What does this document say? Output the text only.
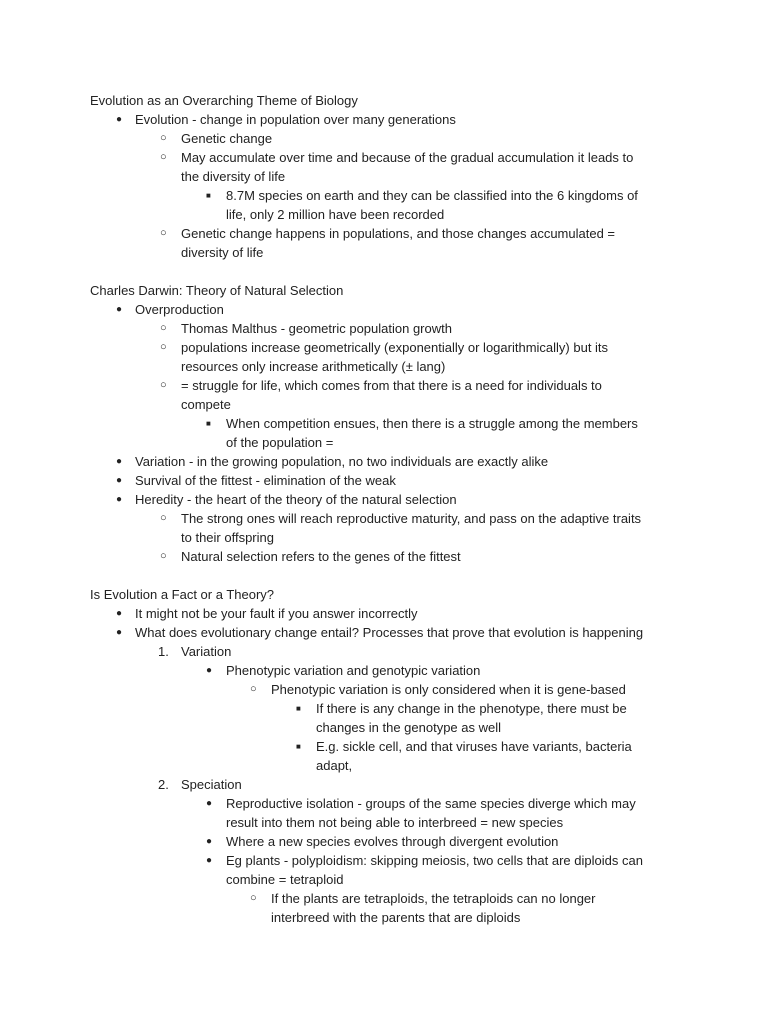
Evolution as an Overarching Theme of Biology
● Evolution - change in population over many generations
○	Genetic change
○	May accumulate over time and because of the gradual accumulation it leads to
the diversity of life
■	8.7M species on earth and they can be classified into the 6 kingdoms of
life, only 2 million have been recorded
○	Genetic change happens in populations, and those changes accumulated =
diversity of life
Charles Darwin: Theory of Natural Selection
● Overproduction
○	Thomas Malthus - geometric population growth
○	populations increase geometrically (exponentially or logarithmically) but its
resources only increase arithmetically (± lang)
○	= struggle for life, which comes from that there is a need for individuals to
compete
■	When competition ensues, then there is a struggle among the members
of the population =
● Variation - in the growing population, no two individuals are exactly alike
● Survival of the fittest - elimination of the weak
● Heredity - the heart of the theory of the natural selection
○	The strong ones will reach reproductive maturity, and pass on the adaptive traits
to their offspring
○	Natural selection refers to the genes of the fittest
Is Evolution a Fact or a Theory?
● It might not be your fault if you answer incorrectly
● What does evolutionary change entail? Processes that prove that evolution is happening
1. Variation
●	Phenotypic variation and genotypic variation
○	Phenotypic variation is only considered when it is gene-based
■	If there is any change in the phenotype, there must be
changes in the genotype as well
■	E.g. sickle cell, and that viruses have variants, bacteria
adapt,
2. Speciation
●	Reproductive isolation - groups of the same species diverge which may
result into them not being able to interbreed = new species
●	Where a new species evolves through divergent evolution
●	Eg plants - polyploidism: skipping meiosis, two cells that are diploids can
combine = tetraploid
○	If the plants are tetraploids, the tetraploids can no longer
interbreed with the parents that are diploids
